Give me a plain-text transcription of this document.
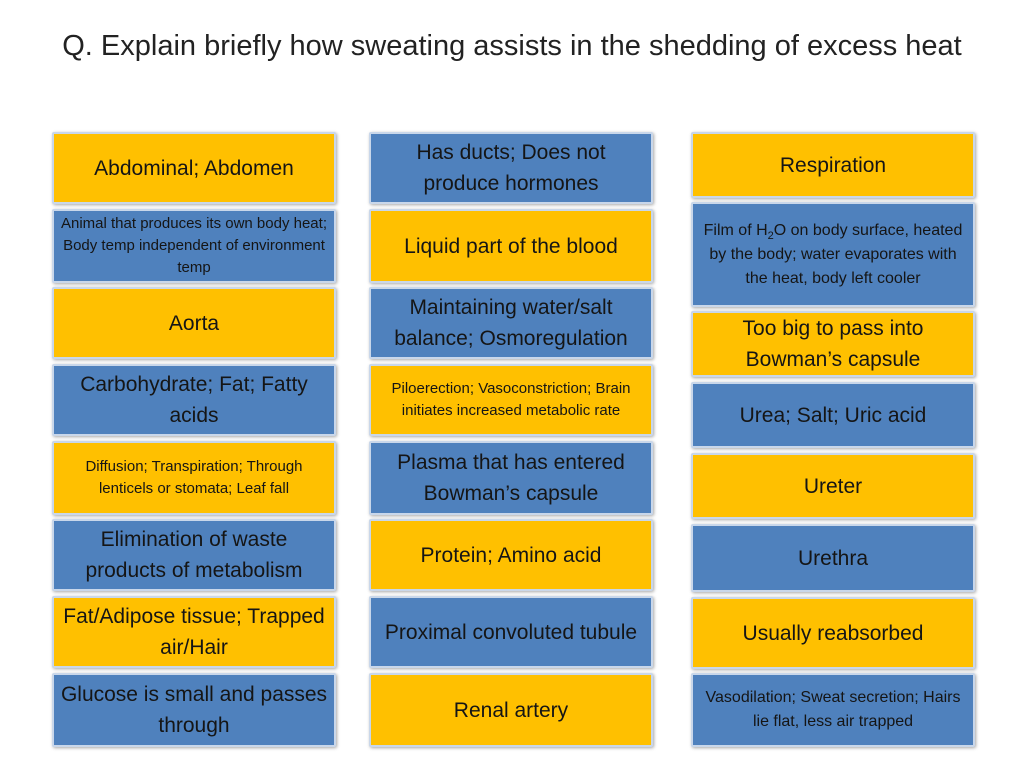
Q. Explain briefly how sweating assists in the shedding of excess heat
Abdominal; Abdomen
Animal that produces its own body heat; Body temp independent of environment temp
Aorta
Carbohydrate; Fat; Fatty acids
Diffusion; Transpiration; Through lenticels or stomata; Leaf fall
Elimination of waste products of metabolism
Fat/Adipose tissue; Trapped air/Hair
Glucose is small and passes through
Has ducts; Does not produce hormones
Liquid part of the blood
Maintaining water/salt balance; Osmoregulation
Piloerection; Vasoconstriction; Brain initiates increased metabolic rate
Plasma that has entered Bowman’s capsule
Protein; Amino acid
Proximal convoluted tubule
Renal artery
Respiration
Film of $H_2O$ on body surface, heated by the body; water evaporates with the heat, body left cooler
Too big to pass into Bowman’s capsule
Urea; Salt; Uric acid
Ureter
Urethra
Usually reabsorbed
Vasodilation; Sweat secretion; Hairs lie flat, less air trapped
